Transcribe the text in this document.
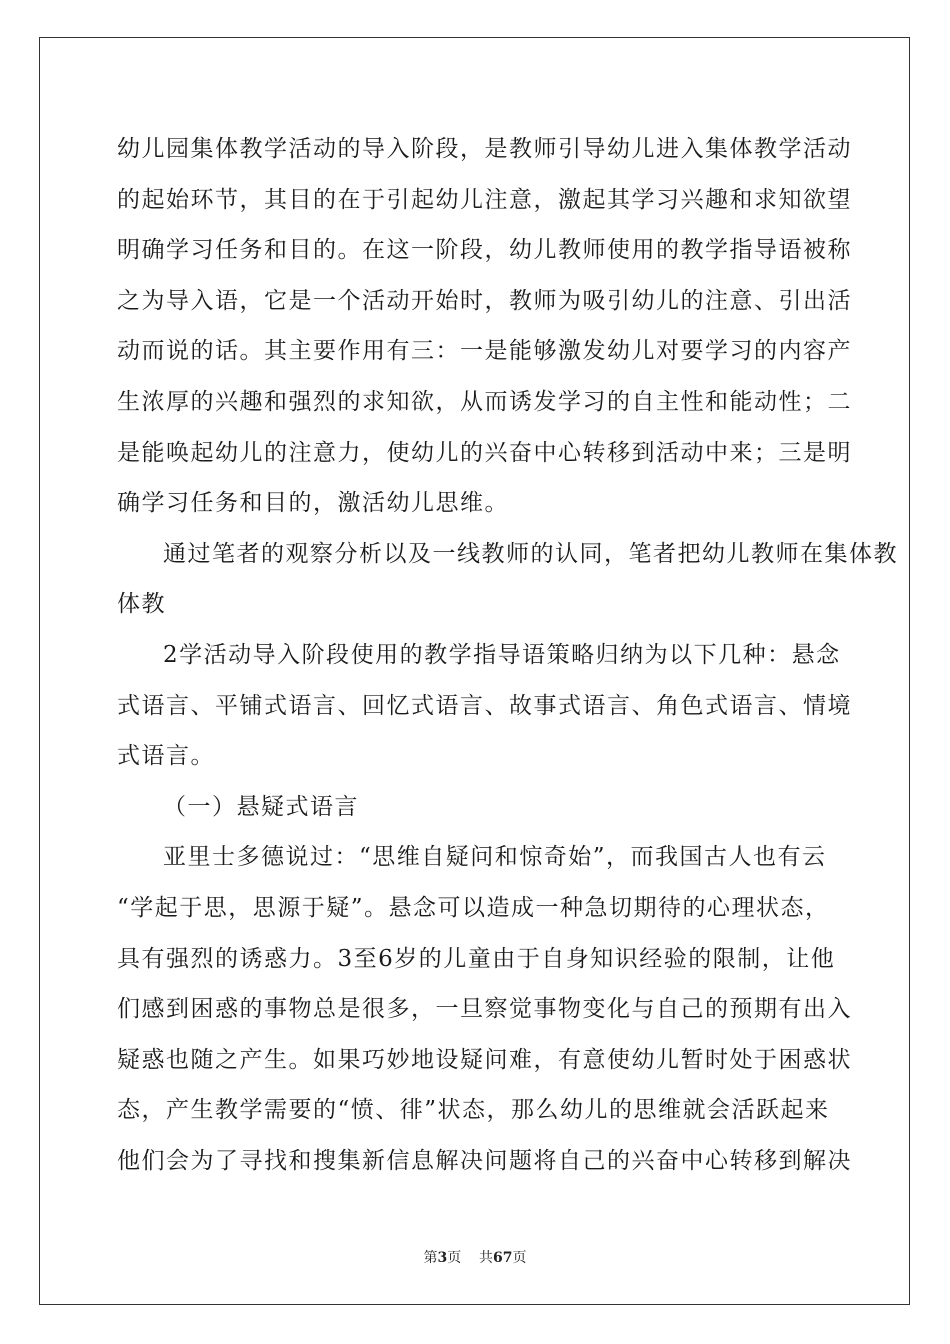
幼儿园集体教学活动的导入阶段，是教师引导幼儿进入集体教学活动
的起始环节，其目的在于引起幼儿注意，激起其学习兴趣和求知欲望
明确学习任务和目的。在这一阶段，幼儿教师使用的教学指导语被称
之为导入语，它是一个活动开始时，教师为吸引幼儿的注意、引出活
动而说的话。其主要作用有三：一是能够激发幼儿对要学习的内容产
生浓厚的兴趣和强烈的求知欲，从而诱发学习的自主性和能动性；二
是能唤起幼儿的注意力，使幼儿的兴奋中心转移到活动中来；三是明
确学习任务和目的，激活幼儿思维。
通过笔者的观察分析以及一线教师的认同，笔者把幼儿教师在集体教
体教
2学活动导入阶段使用的教学指导语策略归纳为以下几种：悬念
式语言、平铺式语言、回忆式语言、故事式语言、角色式语言、情境
式语言。
（一）悬疑式语言
亚里士多德说过：“思维自疑问和惊奇始”，而我国古人也有云
“学起于思，思源于疑”。悬念可以造成一种急切期待的心理状态，
具有强烈的诱惑力。3至6岁的儿童由于自身知识经验的限制，让他
们感到困惑的事物总是很多，一旦察觉事物变化与自己的预期有出入
疑惑也随之产生。如果巧妙地设疑问难，有意使幼儿暂时处于困惑状
态，产生教学需要的“愤、徘”状态，那么幼儿的思维就会活跃起来
他们会为了寻找和搜集新信息解决问题将自己的兴奋中心转移到解决
第3页 共67页
